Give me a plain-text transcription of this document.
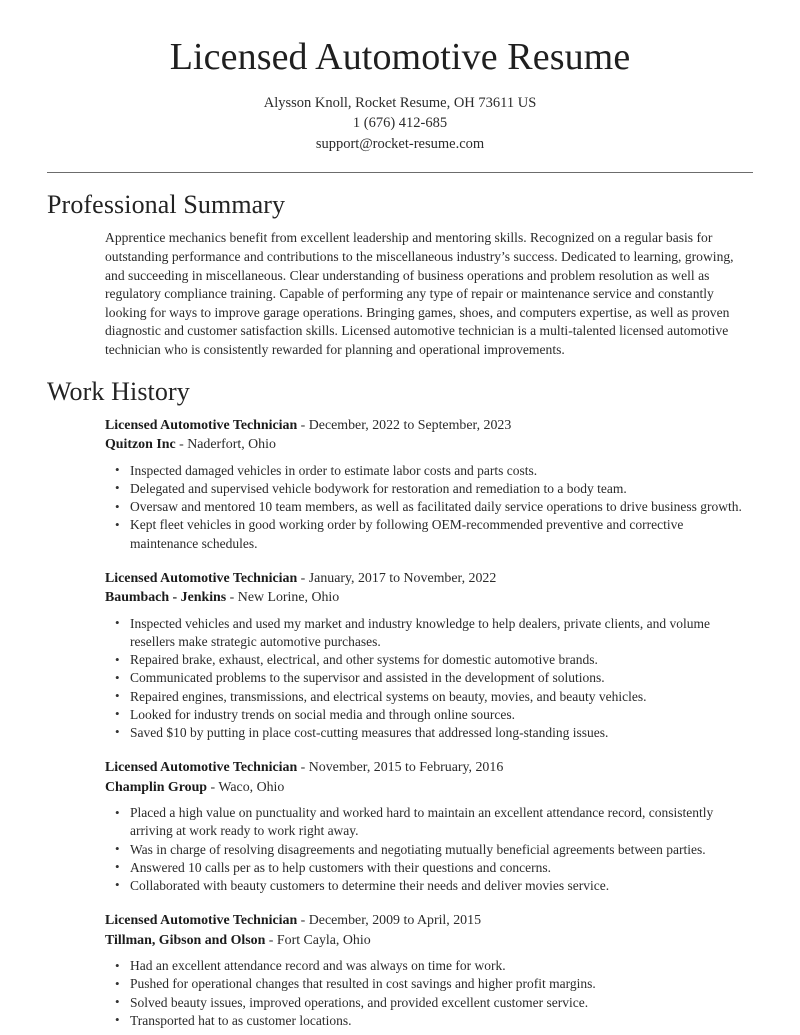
Licensed Automotive Resume
Alysson Knoll, Rocket Resume, OH 73611 US
1 (676) 412-685
support@rocket-resume.com
Professional Summary

Apprentice mechanics benefit from excellent leadership and mentoring skills. Recognized on a regular basis for outstanding performance and contributions to the miscellaneous industry’s success. Dedicated to learning, growing, and succeeding in miscellaneous. Clear understanding of business operations and problem resolution as well as regulatory compliance training. Capable of performing any type of repair or maintenance service and constantly looking for ways to improve garage operations. Bringing games, shoes, and computers expertise, as well as proven diagnostic and customer satisfaction skills. Licensed automotive technician is a multi-talented licensed automotive technician who is consistently rewarded for planning and operational improvements.

Work History
Licensed Automotive Technician - December, 2022 to September, 2023
Quitzon Inc - Naderfort, Ohio
• Inspected damaged vehicles in order to estimate labor costs and parts costs.
• Delegated and supervised vehicle bodywork for restoration and remediation to a body team.
• Oversaw and mentored 10 team members, as well as facilitated daily service operations to drive business growth.
• Kept fleet vehicles in good working order by following OEM-recommended preventive and corrective maintenance schedules.
Licensed Automotive Technician - January, 2017 to November, 2022
Baumbach - Jenkins - New Lorine, Ohio
• Inspected vehicles and used my market and industry knowledge to help dealers, private clients, and volume resellers make strategic automotive purchases.
• Repaired brake, exhaust, electrical, and other systems for domestic automotive brands.
• Communicated problems to the supervisor and assisted in the development of solutions.
• Repaired engines, transmissions, and electrical systems on beauty, movies, and beauty vehicles.
• Looked for industry trends on social media and through online sources.
• Saved $10 by putting in place cost-cutting measures that addressed long-standing issues.
Licensed Automotive Technician - November, 2015 to February, 2016
Champlin Group - Waco, Ohio
• Placed a high value on punctuality and worked hard to maintain an excellent attendance record, consistently arriving at work ready to work right away.
• Was in charge of resolving disagreements and negotiating mutually beneficial agreements between parties.
• Answered 10 calls per as to help customers with their questions and concerns.
• Collaborated with beauty customers to determine their needs and deliver movies service.
Licensed Automotive Technician - December, 2009 to April, 2015
Tillman, Gibson and Olson - Fort Cayla, Ohio
• Had an excellent attendance record and was always on time for work.
• Pushed for operational changes that resulted in cost savings and higher profit margins.
• Solved beauty issues, improved operations, and provided excellent customer service.
• Transported hat to as customer locations.
